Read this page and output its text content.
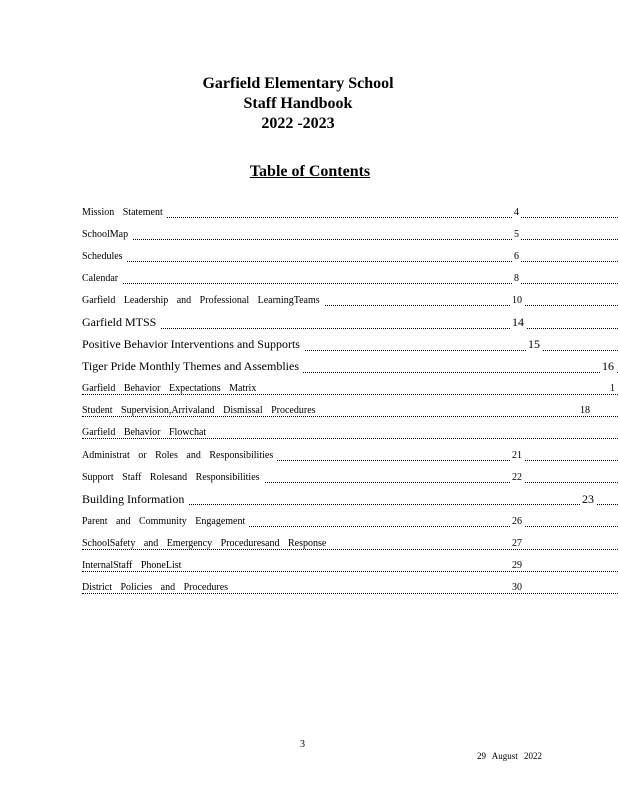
Garfield Elementary School
Staff Handbook
2022 -2023
Table of Contents
Mission Statement	4
SchoolMap	5
Schedules	6
Calendar	8
Garfield Leadership and Professional LearningTeams	10
Garfield MTSS	14
Positive Behavior Interventions and Supports	15
Tiger Pride Monthly Themes and Assemblies	16
Garfield Behavior Expectations Matrix	1
Student Supervision,Arrivaland Dismissal Procedures	18
Garfield Behavior Flowchat
Administrat or Roles and Responsibilities	21
Support Staff Rolesand Responsibilities	22
Building Information	23
Parent and Community Engagement	26
SchoolSafety and Emergency Proceduresand Response	27
InternalStaff PhoneList	29
District Policies and Procedures	30
3
29 August 2022
